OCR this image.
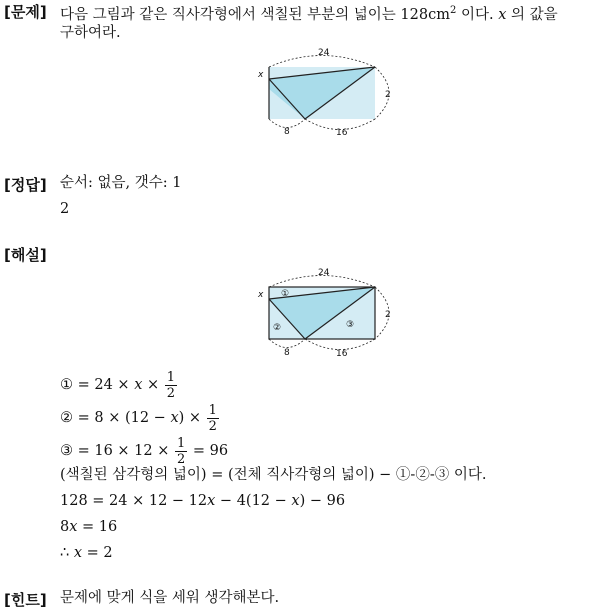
[문제] 다음 그림과 같은 직사각형에서 색칠된 부분의 넓이는 $128cm^2$ 이다. x 의 값을
구하여라.
24
x
2
8	16
[정답] 순서: 없음, 갯수: 1
2
[해설]
24
x
2
8	16
①
②	③
① = $24 \times x \times \frac{1}{2}$
② = $8 \times (12 - x) \times \frac{1}{2}$
③ = $16 \times 12 \times \frac{1}{2} = 96$
(색칠된 삼각형의 넓이) = (전체 직사각형의 넓이) − ①-②-③ 이다.
128 = 24 × 12 − 12x − 4(12 − x) − 96
8x = 16
∴ x = 2
[힌트] 문제에 맞게 식을 세워 생각해본다.
